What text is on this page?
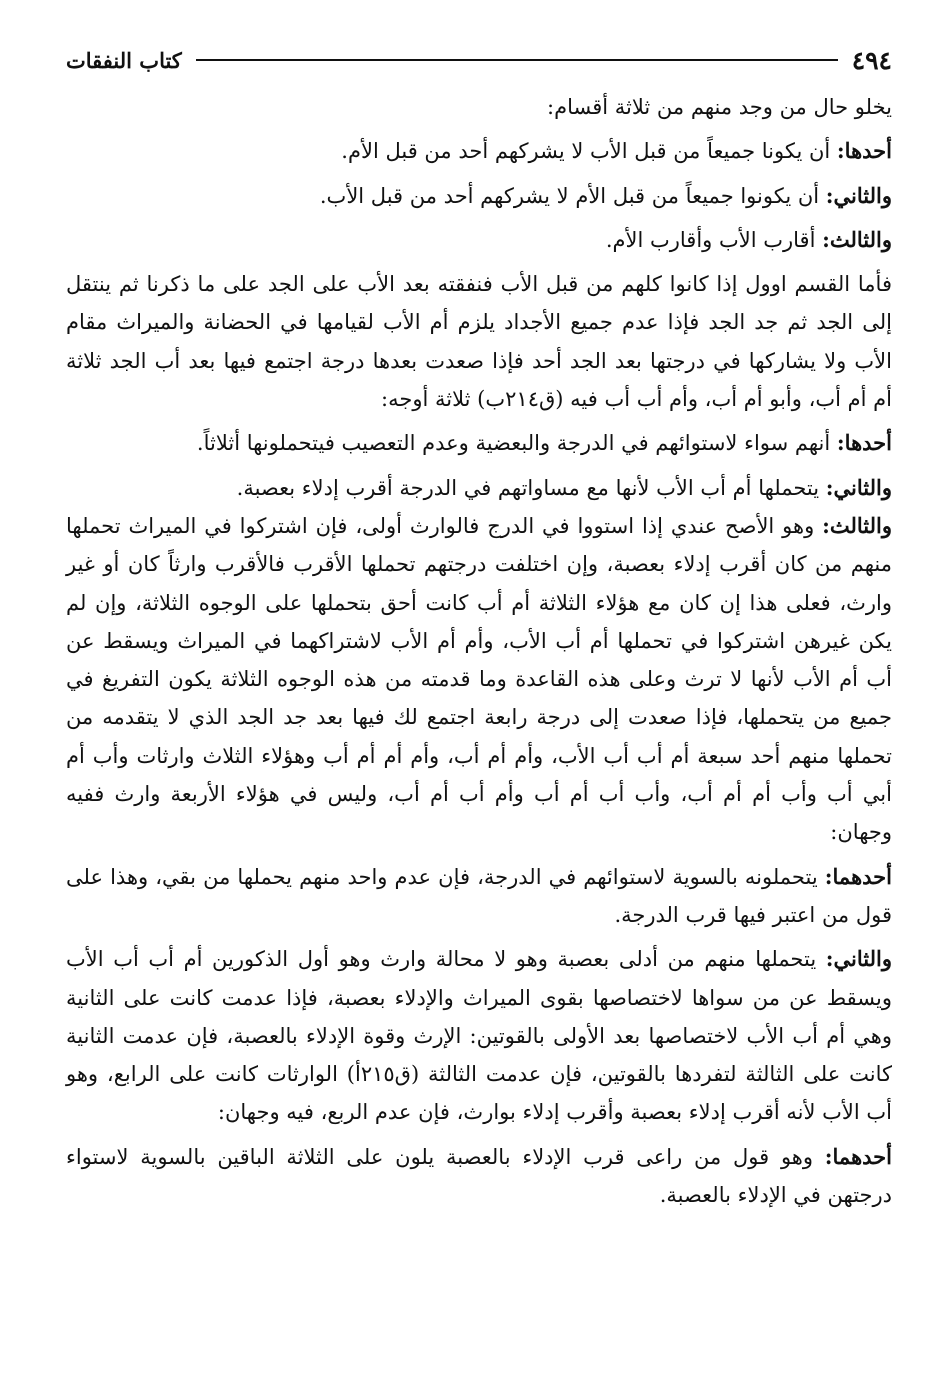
٤٩٤
كتاب النفقات

يخلو حال من وجد منهم من ثلاثة أقسام:

أحدها: أن يكونا جميعاً من قبل الأب لا يشركهم أحد من قبل الأم.

والثاني: أن يكونوا جميعاً من قبل الأم لا يشركهم أحد من قبل الأب.

والثالث: أقارب الأب وأقارب الأم.

فأما القسم اوول إذا كانوا كلهم من قبل الأب فنفقته بعد الأب على الجد على ما ذكرنا ثم ينتقل إلى الجد ثم جد الجد فإذا عدم جميع الأجداد يلزم أم الأب لقيامها في الحضانة والميراث مقام الأب ولا يشاركها في درجتها بعد الجد أحد فإذا صعدت بعدها درجة اجتمع فيها بعد أب الجد ثلاثة أم أم أب، وأبو أم أب، وأم أب أب فيه (ق٢١٤ب) ثلاثة أوجه:

أحدها: أنهم سواء لاستوائهم في الدرجة والبعضية وعدم التعصيب فيتحملونها أثلاثاً.

والثاني: يتحملها أم أب الأب لأنها مع مساواتهم في الدرجة أقرب إدلاء بعصبة.

والثالث: وهو الأصح عندي إذا استووا في الدرج فالوارث أولى، فإن اشتركوا في الميراث تحملها منهم من كان أقرب إدلاء بعصبة، وإن اختلفت درجتهم تحملها الأقرب فالأقرب وارثاً كان أو غير وارث، فعلى هذا إن كان مع هؤلاء الثلاثة أم أب كانت أحق بتحملها على الوجوه الثلاثة، وإن لم يكن غيرهن اشتركوا في تحملها أم أب الأب، وأم أم الأب لاشتراكهما في الميراث ويسقط عن أب أم الأب لأنها لا ترث وعلى هذه القاعدة وما قدمته من هذه الوجوه الثلاثة يكون التفريغ في جميع من يتحملها، فإذا صعدت إلى درجة رابعة اجتمع لك فيها بعد جد الجد الذي لا يتقدمه من تحملها منهم أحد سبعة أم أب أب الأب، وأم أم أب، وأم أم أم أب وهؤلاء الثلاث وارثات وأب أم أبي أب وأب أم أم أب، وأب أب أم أب وأم أب أم أب، وليس في هؤلاء الأربعة وارث ففيه وجهان:

أحدهما: يتحملونه بالسوية لاستوائهم في الدرجة، فإن عدم واحد منهم يحملها من بقي، وهذا على قول من اعتبر فيها قرب الدرجة.

والثاني: يتحملها منهم من أدلى بعصبة وهو لا محالة وارث وهو أول الذكورين أم أب أب الأب ويسقط عن من سواها لاختصاصها بقوى الميراث والإدلاء بعصبة، فإذا عدمت كانت على الثانية وهي أم أب الأب لاختصاصها بعد الأولى بالقوتين: الإرث وقوة الإدلاء بالعصبة، فإن عدمت الثانية كانت على الثالثة لتفردها بالقوتين، فإن عدمت الثالثة (ق٢١٥أ) الوارثات كانت على الرابع، وهو أب الأب لأنه أقرب إدلاء بعصبة وأقرب إدلاء بوارث، فإن عدم الربع، فيه وجهان:

أحدهما: وهو قول من راعى قرب الإدلاء بالعصبة يلون على الثلاثة الباقين بالسوية لاستواء درجتهن في الإدلاء بالعصبة.
